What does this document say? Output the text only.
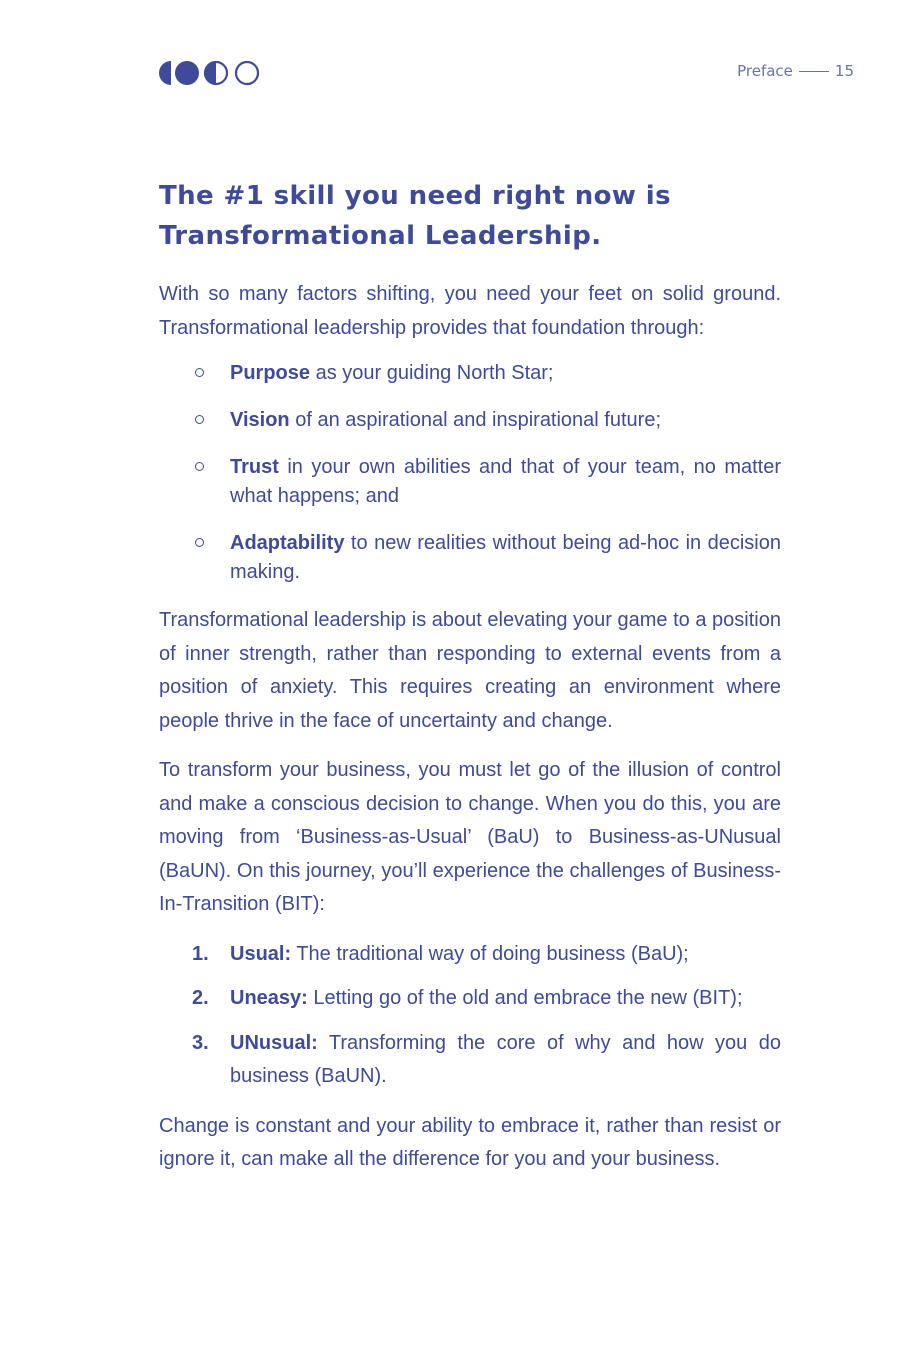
Preface	15
The #1 skill you need right now is Transformational Leadership.

With so many factors shifting, you need your feet on solid ground. Transformational leadership provides that foundation through:

Purpose as your guiding North Star;
Vision of an aspirational and inspirational future;
Trust in your own abilities and that of your team, no matter what happens; and
Adaptability to new realities without being ad-hoc in decision making.

Transformational leadership is about elevating your game to a position of inner strength, rather than responding to external events from a position of anxiety. This requires creating an environment where people thrive in the face of uncertainty and change.

To transform your business, you must let go of the illusion of control and make a conscious decision to change. When you do this, you are moving from ‘Business-as-Usual’ (BaU) to Business-as-UNusual (BaUN). On this journey, you’ll experience the challenges of Business-In-Transition (BIT):

1. Usual: The traditional way of doing business (BaU);
2. Uneasy: Letting go of the old and embrace the new (BIT);
3. UNusual: Transforming the core of why and how you do business (BaUN).

Change is constant and your ability to embrace it, rather than resist or ignore it, can make all the difference for you and your business.
